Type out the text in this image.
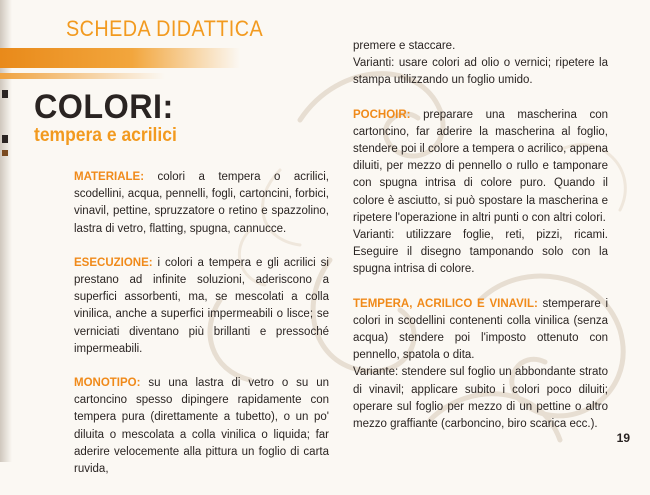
SCHEDA DIDATTICA
COLORI:
tempera e acrilici

MATERIALE: colori a tempera o acrilici, scodellini, acqua, pennelli, fogli, cartoncini, forbici, vinavil, pettine, spruzzatore o retino e spazzolino, lastra di vetro, flatting, spugna, cannucce.

ESECUZIONE: i colori a tempera e gli acrilici si prestano ad infinite soluzioni, aderiscono a superfici assorbenti, ma, se mescolati a colla vinilica, anche a superfici impermeabili o lisce; se verniciati diventano più brillanti e pressoché impermeabili.

MONOTIPO: su una lastra di vetro o su un cartoncino spesso dipingere rapidamente con tempera pura (direttamente a tubetto), o un po' diluita o mescolata a colla vinilica o liquida; far aderire velocemente alla pittura un foglio di carta ruvida,

premere e staccare.

Varianti: usare colori ad olio o vernici; ripetere la stampa utilizzando un foglio umido.

POCHOIR: preparare una mascherina con cartoncino, far aderire la mascherina al foglio, stendere poi il colore a tempera o acrilico, appena diluiti, per mezzo di pennello o rullo e tamponare con spugna intrisa di colore puro. Quando il colore è asciutto, si può spostare la mascherina e ripetere l'operazione in altri punti o con altri colori.

Varianti: utilizzare foglie, reti, pizzi, ricami. Eseguire il disegno tamponando solo con la spugna intrisa di colore.

TEMPERA, ACRILICO E VINAVIL: stemperare i colori in scodellini contenenti colla vinilica (senza acqua) stendere poi l'imposto ottenuto con pennello, spatola o dita.

Variante: stendere sul foglio un abbondante strato di vinavil; applicare subito i colori poco diluiti; operare sul foglio per mezzo di un pettine o altro mezzo graffiante (carboncino, biro scarica ecc.).

19
